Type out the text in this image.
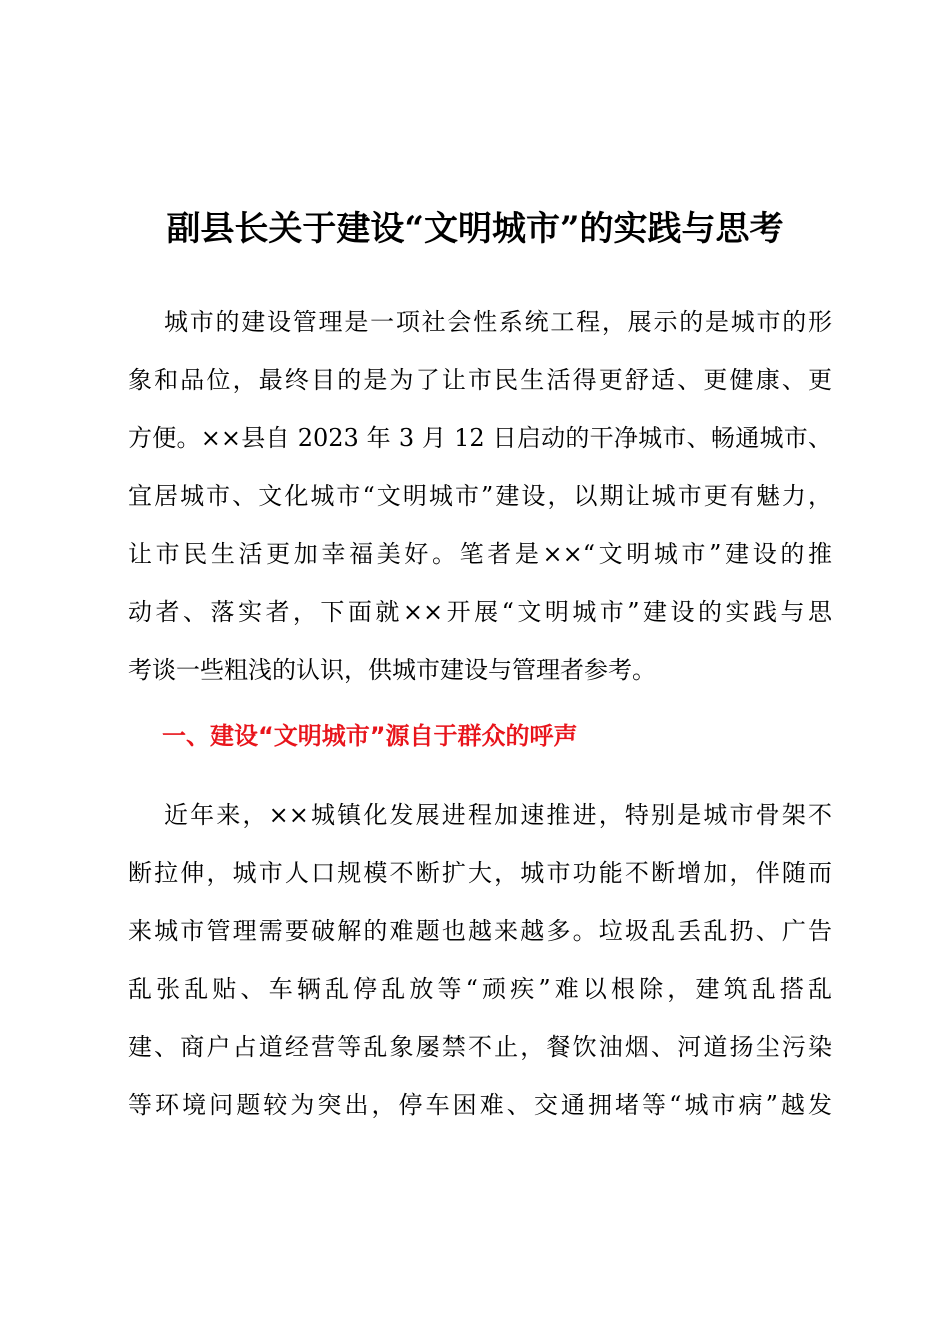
副县长关于建设“文明城市”的实践与思考
城市的建设管理是一项社会性系统工程，展示的是城市的形
象和品位，最终目的是为了让市民生活得更舒适、更健康、更
方便。××县自 2023 年 3 月 12 日启动的干净城市、畅通城市、
宜居城市、文化城市“文明城市”建设，以期让城市更有魅力，
让市民生活更加幸福美好。笔者是××“文明城市”建设的推
动者、落实者，下面就××开展“文明城市”建设的实践与思
考谈一些粗浅的认识，供城市建设与管理者参考。
一、建设“文明城市”源自于群众的呼声
近年来，××城镇化发展进程加速推进，特别是城市骨架不
断拉伸，城市人口规模不断扩大，城市功能不断增加，伴随而
来城市管理需要破解的难题也越来越多。垃圾乱丢乱扔、广告
乱张乱贴、车辆乱停乱放等“顽疾”难以根除，建筑乱搭乱
建、商户占道经营等乱象屡禁不止，餐饮油烟、河道扬尘污染
等环境问题较为突出，停车困难、交通拥堵等“城市病”越发
